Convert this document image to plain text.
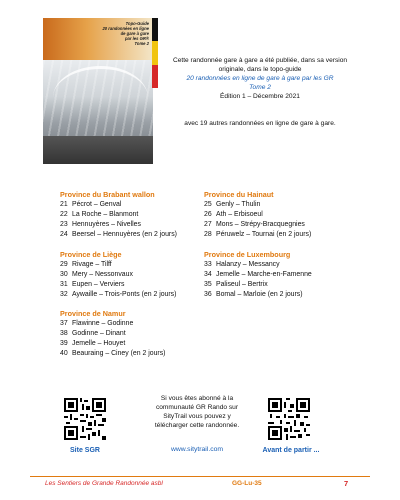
Topo-Guide
20 randonnées en ligne
de gare à gare
par les GR®
Tome 2

Cette randonnée gare à gare a été publiée, dans sa version

originale, dans le topo-guide

20 randonnées en ligne de gare à gare par les GR

Tome 2

Édition 1 – Décembre 2021

avec 19 autres randonnées en ligne de gare à gare.

Province du Brabant wallon
21 Pécrot – Genval
22 La Roche – Blanmont
23 Hennuyères – Nivelles
24 Beersel – Hennuyères (en 2 jours)
Province de Liège
29 Rivage – Tilff
30 Mery – Nessonvaux
31 Eupen – Verviers
32 Aywaille – Trois-Ponts (en 2 jours)
Province de Namur
37 Flawinne – Godinne
38 Godinne – Dinant
39 Jemelle – Houyet
40 Beauraing – Ciney (en 2 jours)
Province du Hainaut
25 Genly – Thulin
26 Ath – Erbisoeul
27 Mons – Strépy-Bracquegnies
28 Péruwelz – Tournai (en 2 jours)
Province de Luxembourg
33 Halanzy – Messancy
34 Jemelle – Marche-en-Famenne
35 Paliseul – Bertrix
36 Bomal – Marloie (en 2 jours)
Site SGR
Si vous êtes abonné à la
communauté GR Rando sur
SityTrail vous pouvez y
télécharger cette randonnée.
www.sitytrail.com	Avant de partir ...
Les Sentiers de Grande Randonnée asbl	GG-Lu-35	7
